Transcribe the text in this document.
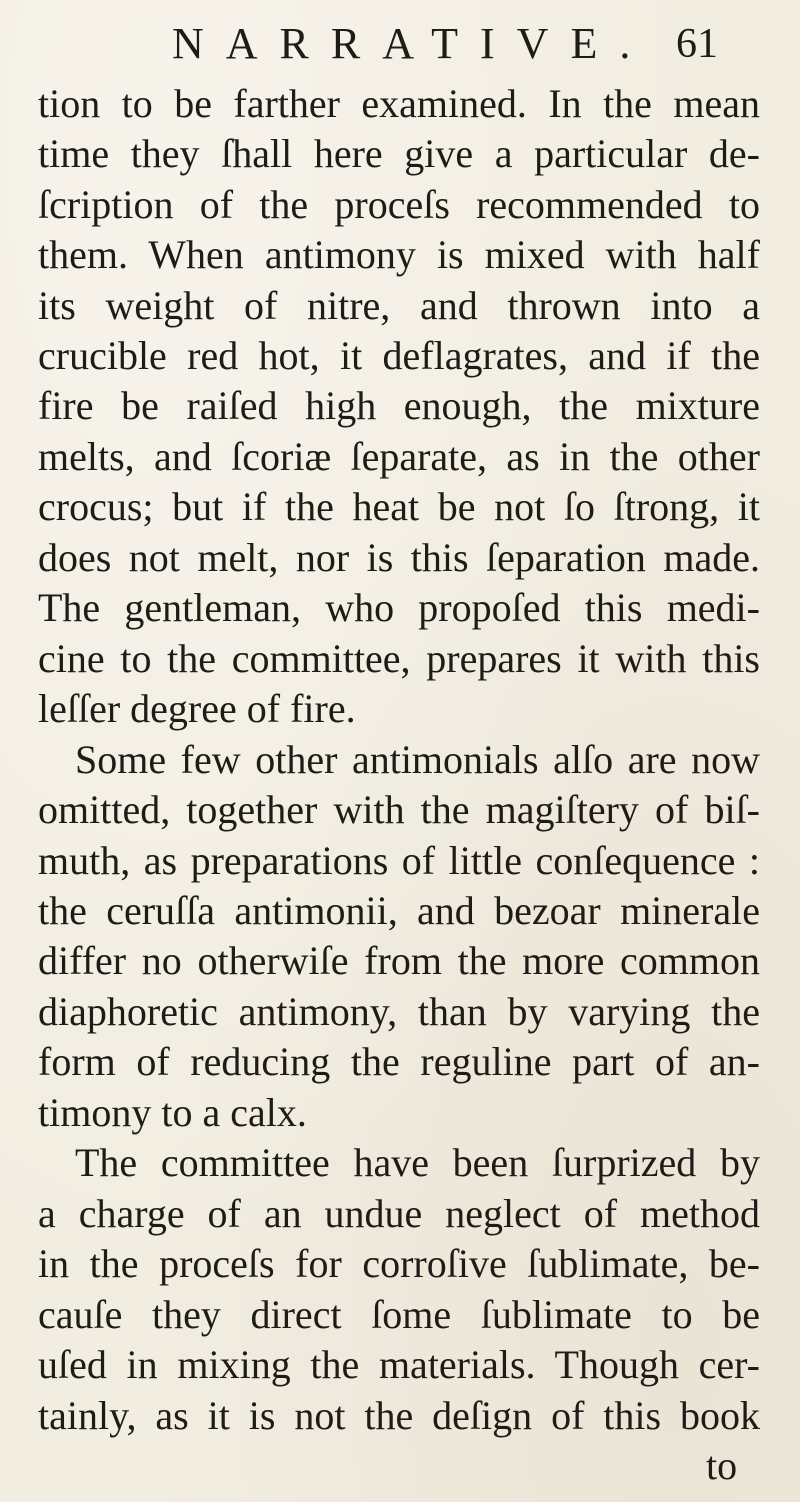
NARRATIVE. 61
tion to be farther examined. In the mean
time they ſhall here give a particular de-
ſcription of the proceſs recommended to
them. When antimony is mixed with half
its weight of nitre, and thrown into a
crucible red hot, it deflagrates, and if the
fire be raiſed high enough, the mixture
melts, and ſcoriæ ſeparate, as in the other
crocus; but if the heat be not ſo ſtrong, it
does not melt, nor is this ſeparation made.
The gentleman, who propoſed this medi-
cine to the committee, prepares it with this
leſſer degree of fire.
Some few other antimonials alſo are now
omitted, together with the magiſtery of biſ-
muth, as preparations of little conſequence :
the ceruſſa antimonii, and bezoar minerale
differ no otherwiſe from the more common
diaphoretic antimony, than by varying the
form of reducing the reguline part of an-
timony to a calx.
The committee have been ſurprized by
a charge of an undue neglect of method
in the proceſs for corroſive ſublimate, be-
cauſe they direct ſome ſublimate to be
uſed in mixing the materials. Though cer-
tainly, as it is not the deſign of this book
to
